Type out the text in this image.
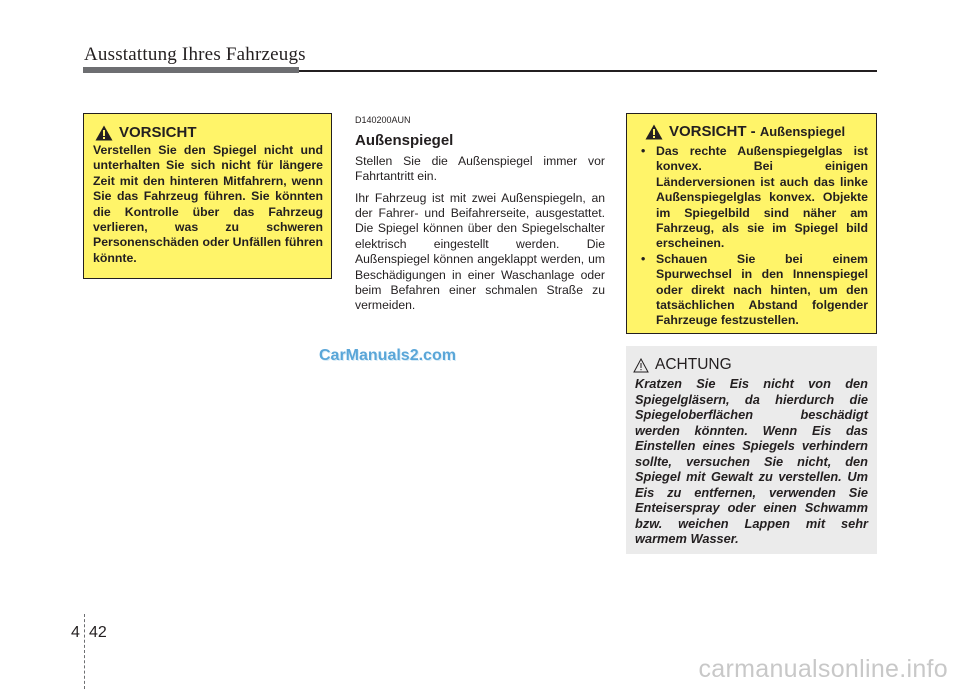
Ausstattung Ihres Fahrzeugs
VORSICHT
Verstellen Sie den Spiegel nicht und unterhalten Sie sich nicht für längere Zeit mit den hinteren Mitfahrern, wenn Sie das Fahrzeug führen. Sie könnten die Kontrolle über das Fahrzeug verlieren, was zu schweren Personenschäden oder Unfällen führen könnte.
D140200AUN
Außenspiegel

Stellen Sie die Außenspiegel immer vor Fahrtantritt ein.

Ihr Fahrzeug ist mit zwei Außenspiegeln, an der Fahrer- und Beifahrerseite, ausgestattet. Die Spiegel können über den Spiegelschalter elektrisch eingestellt werden. Die Außenspiegel können angeklappt werden, um Beschädigungen in einer Waschanlage oder beim Befahren einer schmalen Straße zu vermeiden.

VORSICHT - Außenspiegel
• Das rechte Außenspiegelglas ist konvex. Bei einigen Länderversionen ist auch das linke Außenspiegelglas konvex. Objekte im Spiegelbild sind näher am Fahrzeug, als sie im Spiegel bild erscheinen.
• Schauen Sie bei einem Spurwechsel in den Innenspiegel oder direkt nach hinten, um den tatsächlichen Abstand folgender Fahrzeuge festzustellen.
ACHTUNG
Kratzen Sie Eis nicht von den Spiegelgläsern, da hierdurch die Spiegeloberflächen beschädigt werden könnten. Wenn Eis das Einstellen eines Spiegels verhindern sollte, versuchen Sie nicht, den Spiegel mit Gewalt zu verstellen. Um Eis zu entfernen, verwenden Sie Enteiserspray oder einen Schwamm bzw. weichen Lappen mit sehr warmem Wasser.
CarManuals2.com
4 42
carmanualsonline.info
